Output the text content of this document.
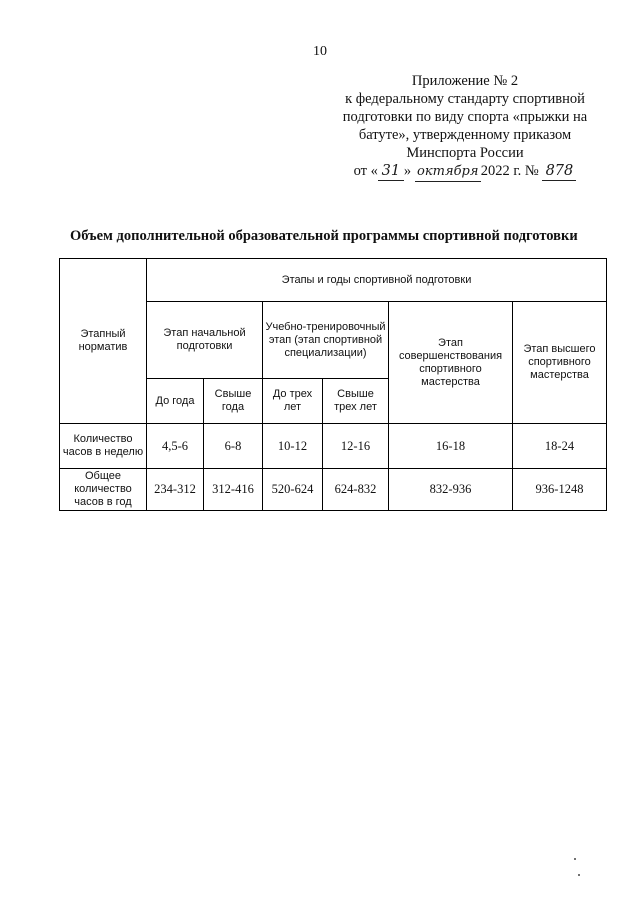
10
Приложение № 2
к федеральному стандарту спортивной
подготовки по виду спорта «прыжки на
батуте», утвержденному приказом
Минспорта России
от « 31 » октября 2022 г. № 878
Объем дополнительной образовательной программы спортивной подготовки
Этапный норматив	Этапы и годы спортивной подготовки					
	Этап начальной подготовки		Учебно-тренировочный этап (этап спортивной специализации)		Этап совершенствования спортивного мастерства	Этап высшего спортивного мастерства
	До года	Свыше года	До трех лет	Свыше трех лет		
Количество часов в неделю	4,5-6	6-8	10-12	12-16	16-18	18-24
Общее количество часов в год	234-312	312-416	520-624	624-832	832-936	936-1248
